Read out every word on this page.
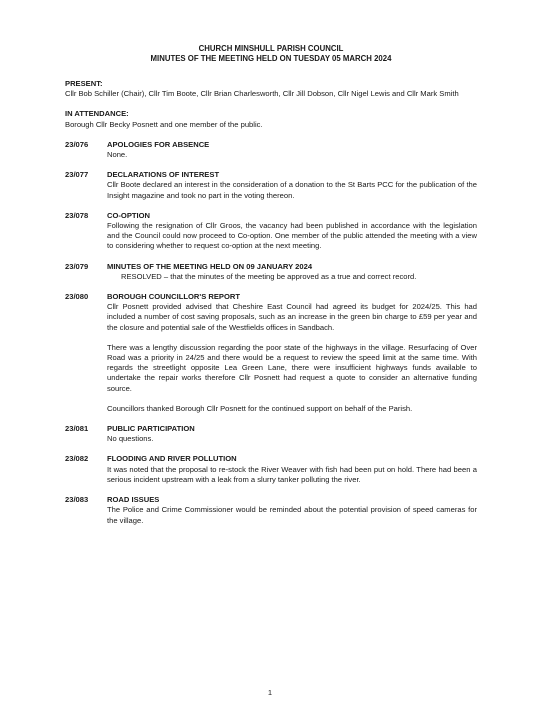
CHURCH MINSHULL PARISH COUNCIL
MINUTES OF THE MEETING HELD ON TUESDAY 05 MARCH 2024
PRESENT:
Cllr Bob Schiller (Chair), Cllr Tim Boote, Cllr Brian Charlesworth, Cllr Jill Dobson, Cllr Nigel Lewis and Cllr Mark Smith
IN ATTENDANCE:
Borough Cllr Becky Posnett and one member of the public.
23/076	APOLOGIES FOR ABSENCE
None.
23/077	DECLARATIONS OF INTEREST
Cllr Boote declared an interest in the consideration of a donation to the St Barts PCC for the publication of the Insight magazine and took no part in the voting thereon.
23/078	CO-OPTION
Following the resignation of Cllr Groos, the vacancy had been published in accordance with the legislation and the Council could now proceed to Co-option. One member of the public attended the meeting with a view to considering whether to request co-option at the next meeting.
23/079	MINUTES OF THE MEETING HELD ON 09 JANUARY 2024
RESOLVED – that the minutes of the meeting be approved as a true and correct record.
23/080	BOROUGH COUNCILLOR'S REPORT
Cllr Posnett provided advised that Cheshire East Council had agreed its budget for 2024/25. This had included a number of cost saving proposals, such as an increase in the green bin charge to £59 per year and the closure and potential sale of the Westfields offices in Sandbach.
There was a lengthy discussion regarding the poor state of the highways in the village. Resurfacing of Over Road was a priority in 24/25 and there would be a request to review the speed limit at the same time. With regards the streetlight opposite Lea Green Lane, there were insufficient highways funds available to undertake the repair works therefore Cllr Posnett had request a quote to consider an alternative funding source.
Councillors thanked Borough Cllr Posnett for the continued support on behalf of the Parish.
23/081	PUBLIC PARTICIPATION
No questions.
23/082	FLOODING AND RIVER POLLUTION
It was noted that the proposal to re-stock the River Weaver with fish had been put on hold. There had been a serious incident upstream with a leak from a slurry tanker polluting the river.
23/083	ROAD ISSUES
The Police and Crime Commissioner would be reminded about the potential provision of speed cameras for the village.
1
